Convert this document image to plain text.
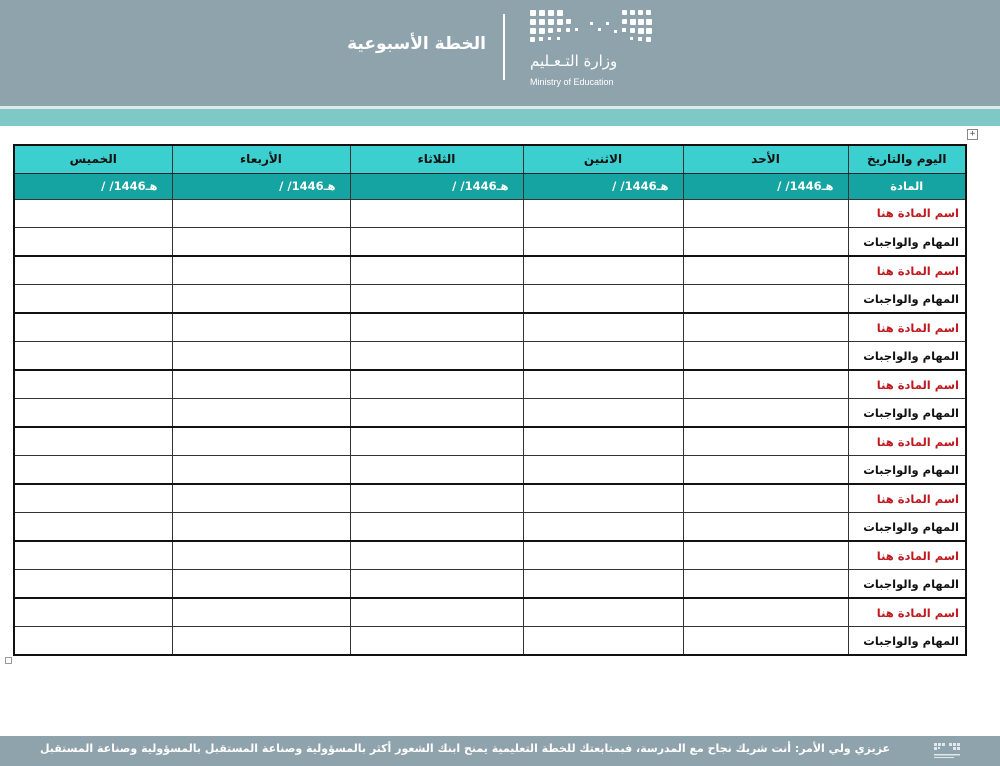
الخطة الأسبوعية
وزارة التـعـليم
Ministry of Education
+
اليوم والتاريخ	الأحد	الاثنين	الثلاثاء	الأربعاء	الخميس
المادة	/ /1446هـ	/ /1446هـ	/ /1446هـ	/ /1446هـ	/ /1446هـ
اسم المادة هنا					
المهام والواجبات					
اسم المادة هنا					
المهام والواجبات					
اسم المادة هنا					
المهام والواجبات					
اسم المادة هنا					
المهام والواجبات					
اسم المادة هنا					
المهام والواجبات					
اسم المادة هنا					
المهام والواجبات					
اسم المادة هنا					
المهام والواجبات					
اسم المادة هنا					
المهام والواجبات					
عزيزي ولي الأمر: أنت شريك نجاح مع المدرسة، فبمتابعتك للخطة التعليمية يمنح ابنك الشعور أكثر بالمسؤولية وصناعة المستقبل بالمسؤولية وصناعة المستقبل
